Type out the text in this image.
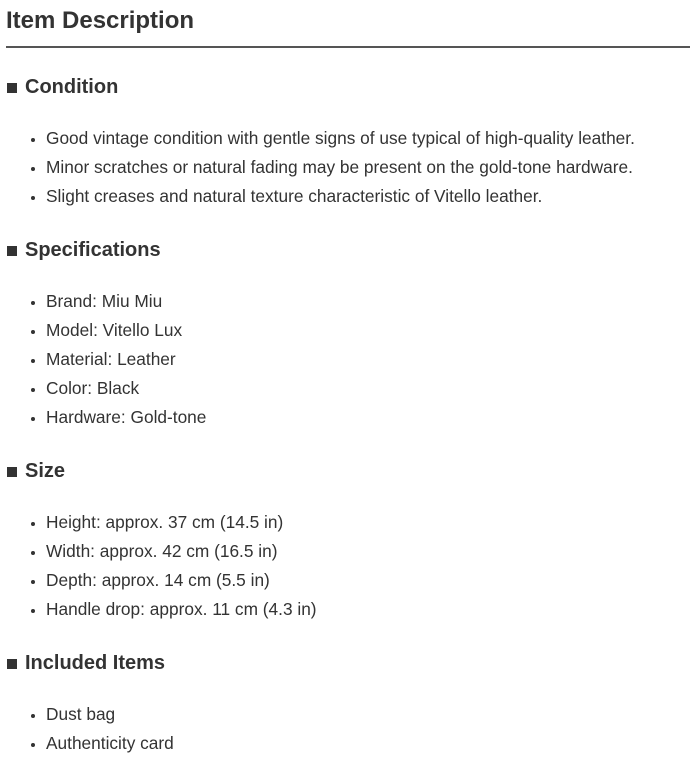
Item Description
Condition
• Good vintage condition with gentle signs of use typical of high-quality leather.
• Minor scratches or natural fading may be present on the gold-tone hardware.
• Slight creases and natural texture characteristic of Vitello leather.
Specifications
• Brand: Miu Miu
• Model: Vitello Lux
• Material: Leather
• Color: Black
• Hardware: Gold-tone
Size
• Height: approx. 37 cm (14.5 in)
• Width: approx. 42 cm (16.5 in)
• Depth: approx. 14 cm (5.5 in)
• Handle drop: approx. 11 cm (4.3 in)
Included Items
• Dust bag
• Authenticity card
